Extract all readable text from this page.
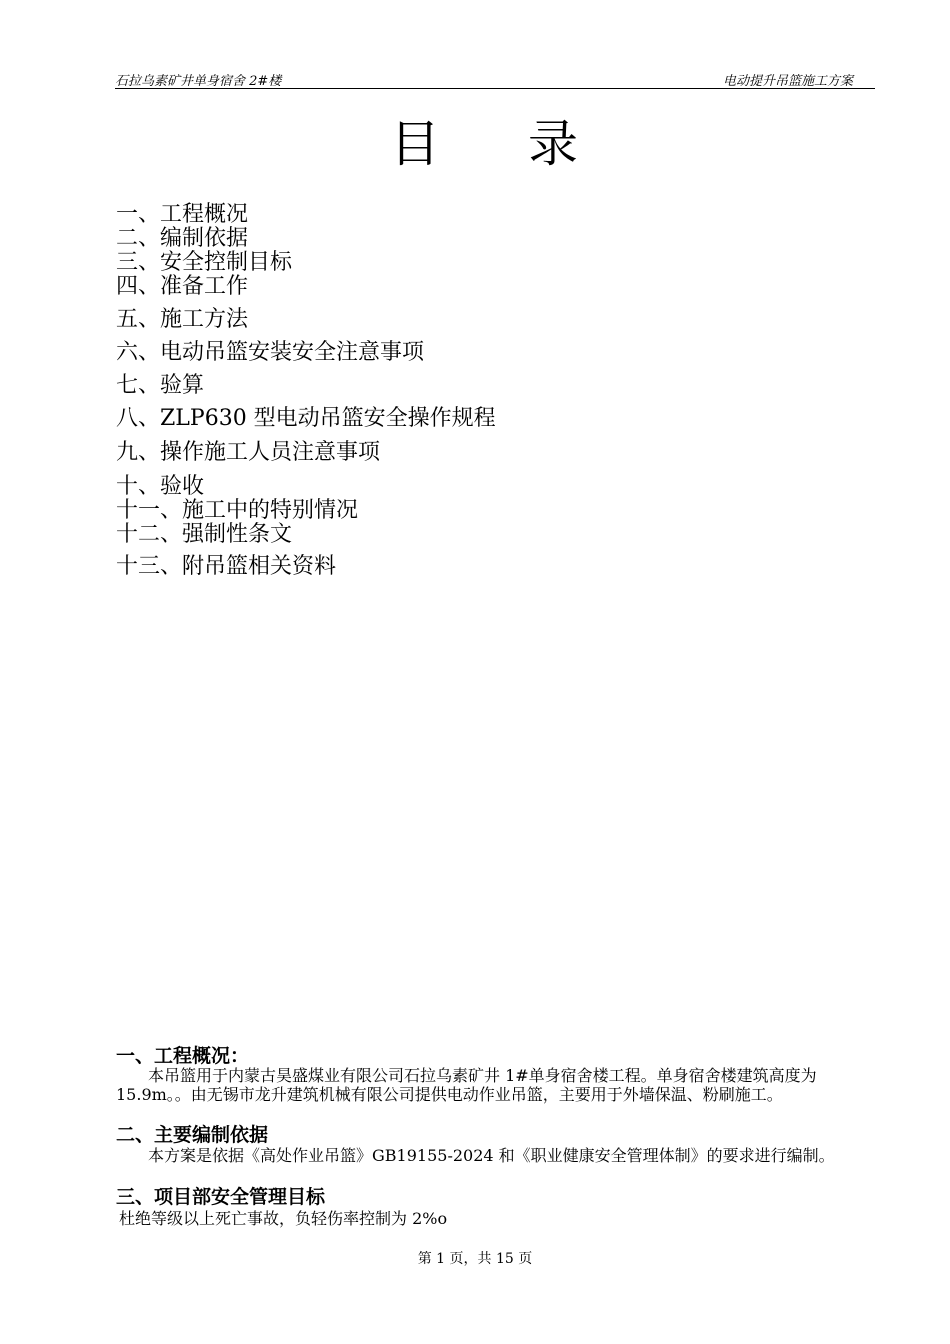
石拉乌素矿井单身宿舍 2#楼	电动提升吊篮施工方案
目 录
一、工程概况
二、编制依据
三、安全控制目标
四、准备工作
五、施工方法
六、电动吊篮安装安全注意事项
七、验算
八、ZLP630 型电动吊篮安全操作规程
九、操作施工人员注意事项
十、验收
十一、施工中的特别情况
十二、强制性条文
十三、附吊篮相关资料
一、工程概况：
本吊篮用于内蒙古昊盛煤业有限公司石拉乌素矿井 1#单身宿舍楼工程。单身宿舍楼建筑高度为 15.9m。。由无锡市龙升建筑机械有限公司提供电动作业吊篮，主要用于外墙保温、粉刷施工。
二、主要编制依据
本方案是依据《高处作业吊篮》GB19155-2024 和《职业健康安全管理体制》的要求进行编制。
三、项目部安全管理目标
杜绝等级以上死亡事故，负轻伤率控制为 2%o
第 1 页，共 15 页
